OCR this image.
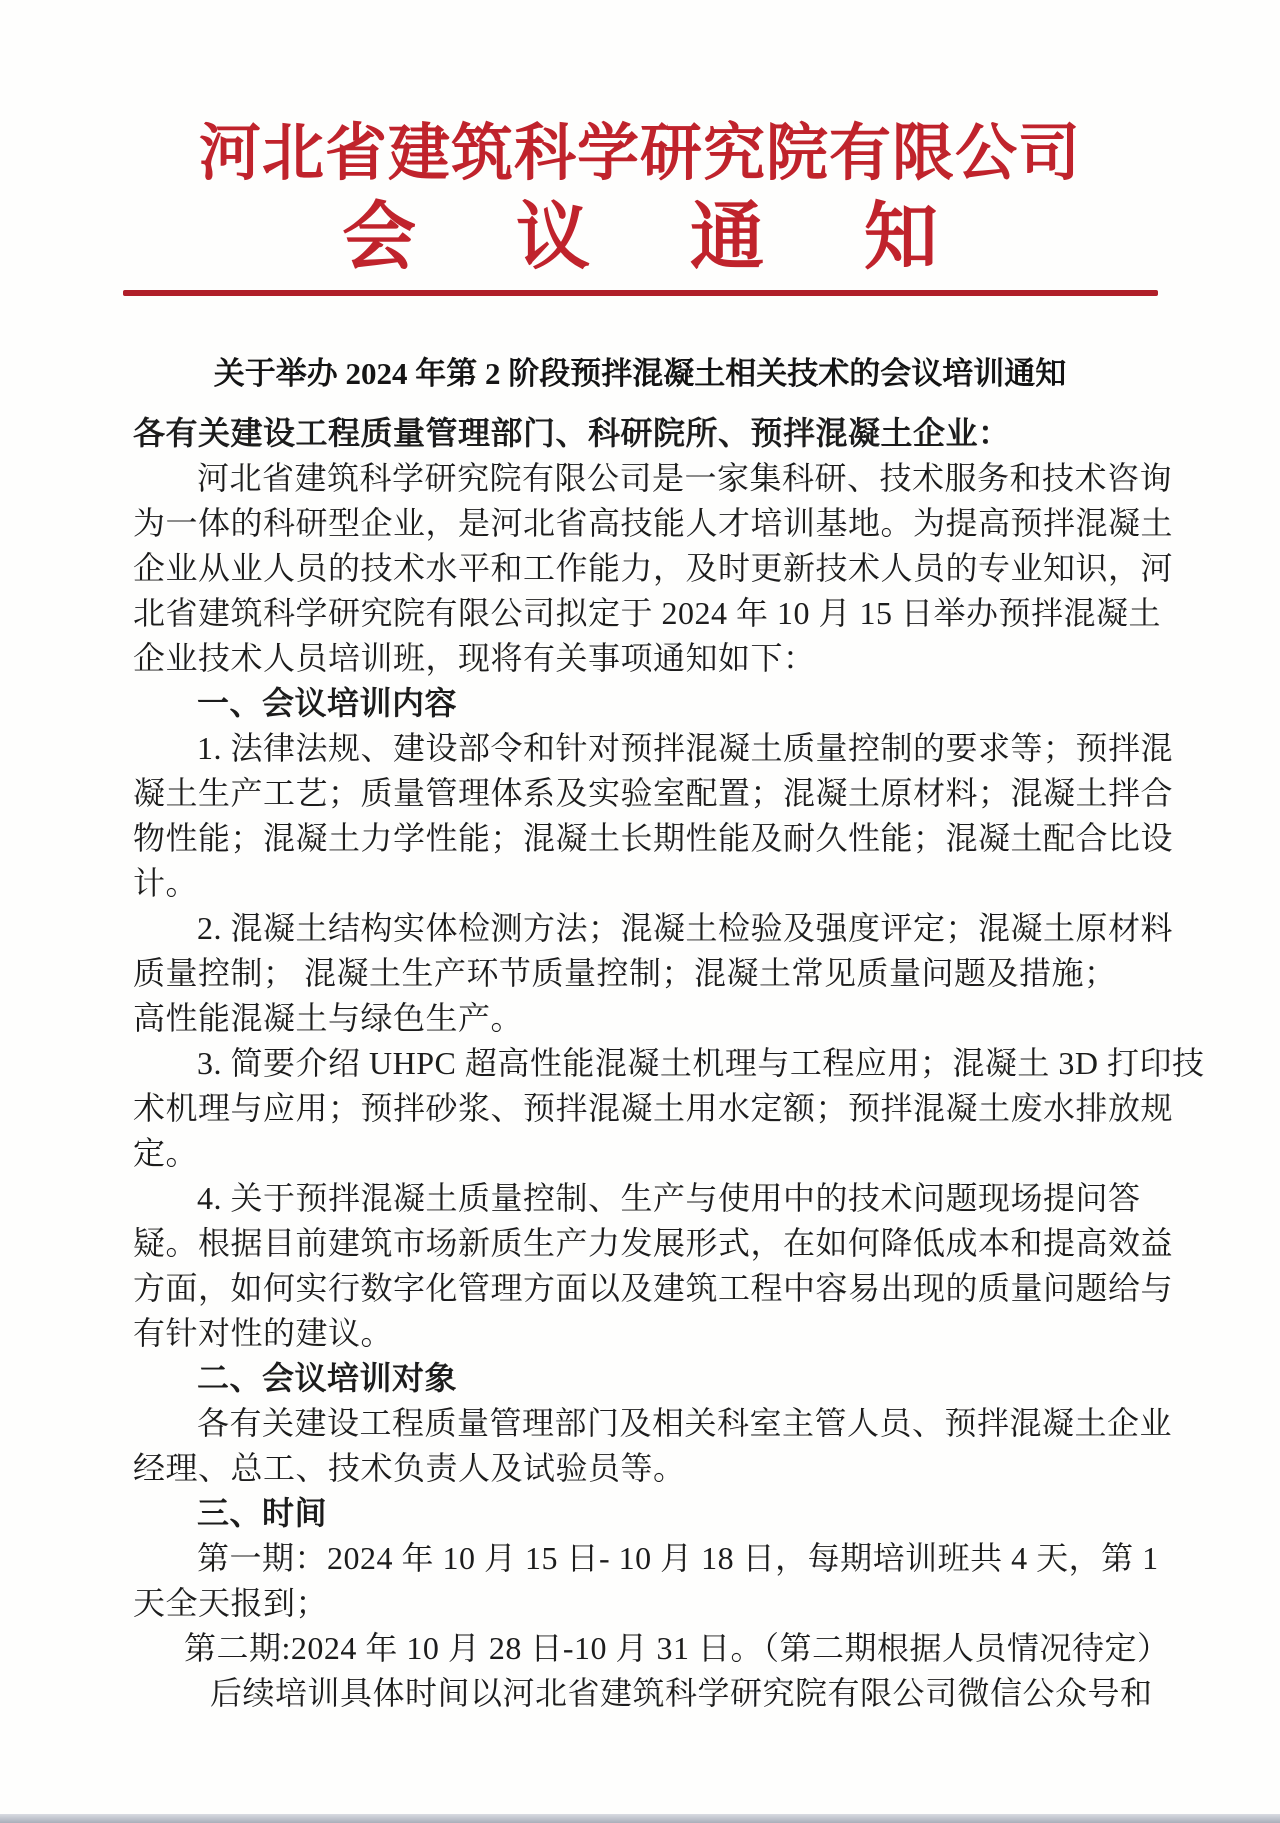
河北省建筑科学研究院有限公司
会 议 通 知
关于举办 2024 年第 2 阶段预拌混凝土相关技术的会议培训通知
各有关建设工程质量管理部门、科研院所、预拌混凝土企业：
河北省建筑科学研究院有限公司是一家集科研、技术服务和技术咨询
为一体的科研型企业，是河北省高技能人才培训基地。为提高预拌混凝土
企业从业人员的技术水平和工作能力，及时更新技术人员的专业知识，河
北省建筑科学研究院有限公司拟定于 2024 年 10 月 15 日举办预拌混凝土
企业技术人员培训班，现将有关事项通知如下：
一、会议培训内容
1. 法律法规、建设部令和针对预拌混凝土质量控制的要求等；预拌混
凝土生产工艺；质量管理体系及实验室配置；混凝土原材料；混凝土拌合
物性能；混凝土力学性能；混凝土长期性能及耐久性能；混凝土配合比设
计。
2. 混凝土结构实体检测方法；混凝土检验及强度评定；混凝土原材料
质量控制； 混凝土生产环节质量控制；混凝土常见质量问题及措施；
高性能混凝土与绿色生产。
3. 简要介绍 UHPC 超高性能混凝土机理与工程应用；混凝土 3D 打印技
术机理与应用；预拌砂浆、预拌混凝土用水定额；预拌混凝土废水排放规
定。
4. 关于预拌混凝土质量控制、生产与使用中的技术问题现场提问答
疑。根据目前建筑市场新质生产力发展形式，在如何降低成本和提高效益
方面，如何实行数字化管理方面以及建筑工程中容易出现的质量问题给与
有针对性的建议。
二、会议培训对象
各有关建设工程质量管理部门及相关科室主管人员、预拌混凝土企业
经理、总工、技术负责人及试验员等。
三、时间
第一期：2024 年 10 月 15 日- 10 月 18 日，每期培训班共 4 天，第 1
天全天报到；
第二期:2024 年 10 月 28 日-10 月 31 日。（第二期根据人员情况待定）
后续培训具体时间以河北省建筑科学研究院有限公司微信公众号和
